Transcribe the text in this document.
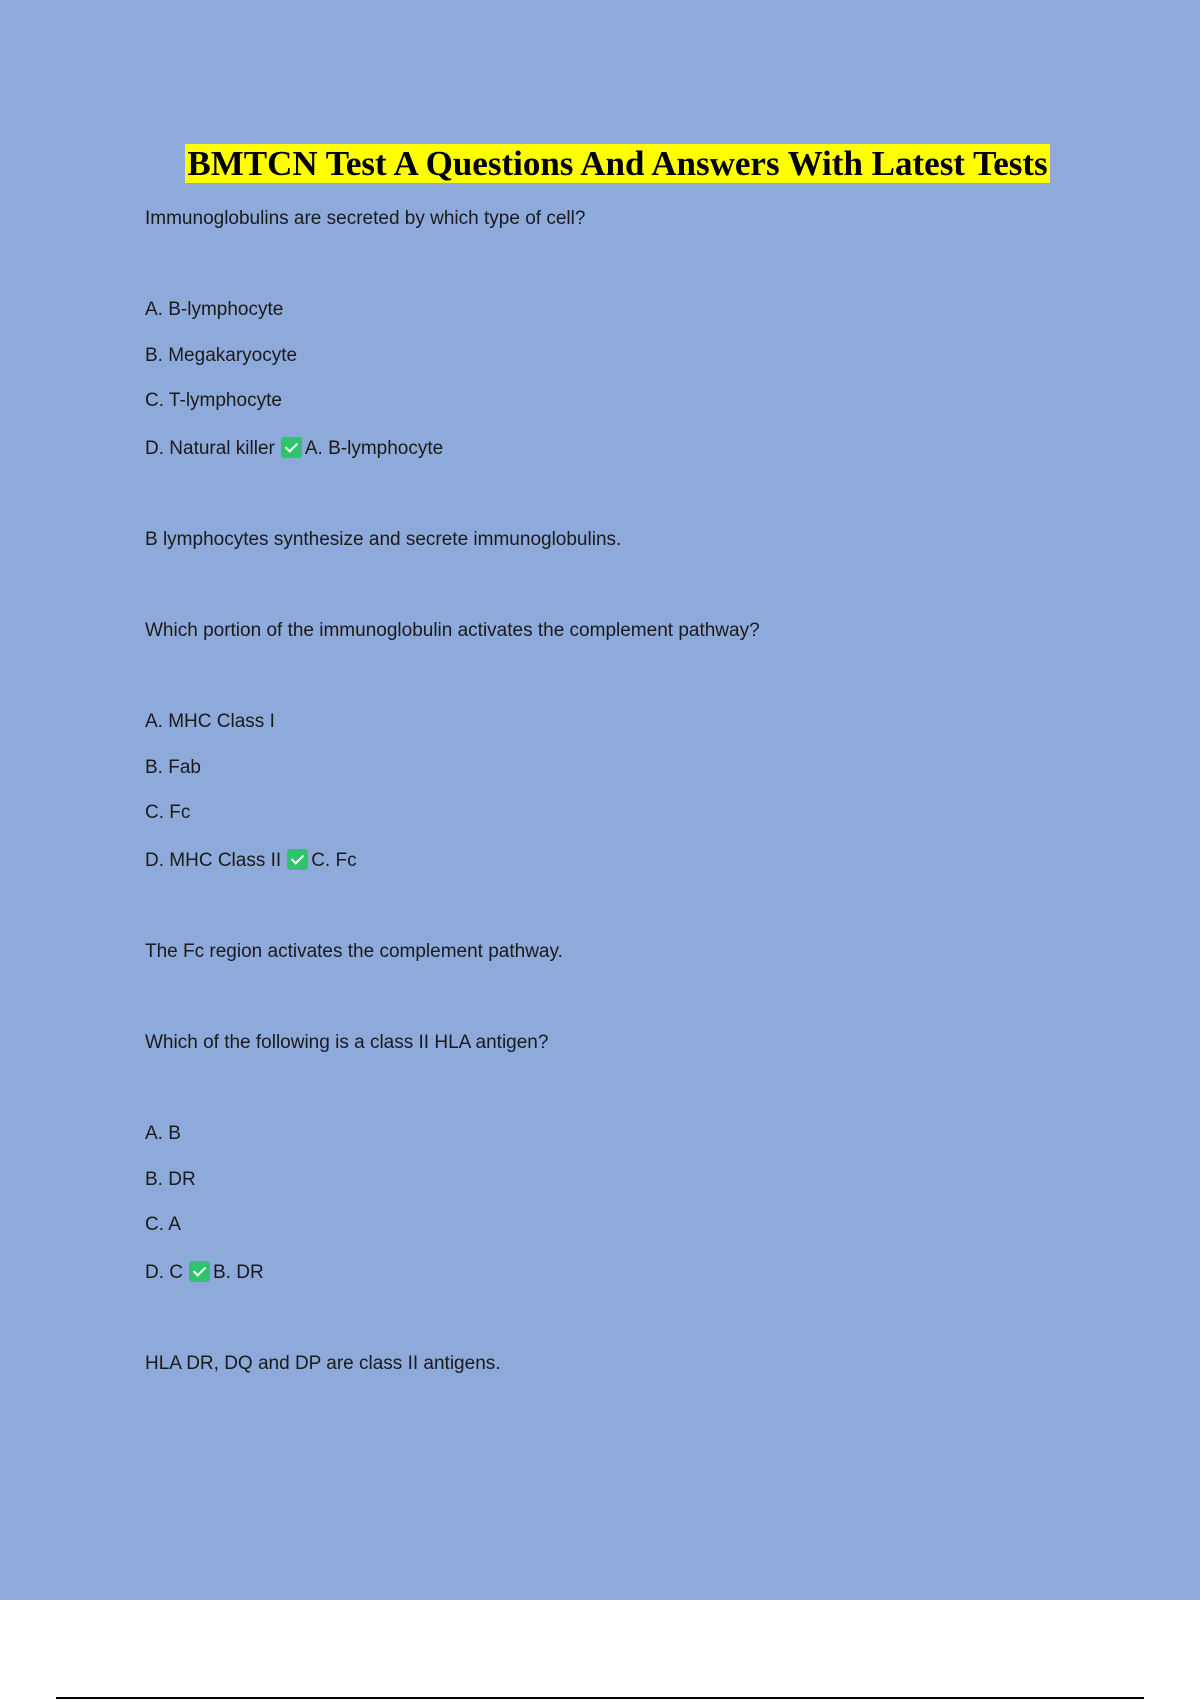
BMTCN Test A Questions And Answers With Latest Tests

Immunoglobulins are secreted by which type of cell?

A. B-lymphocyte

B. Megakaryocyte

C. T-lymphocyte

D. Natural killer A. B-lymphocyte

B lymphocytes synthesize and secrete immunoglobulins.

Which portion of the immunoglobulin activates the complement pathway?

A. MHC Class I

B. Fab

C. Fc

D. MHC Class II C. Fc

The Fc region activates the complement pathway.

Which of the following is a class II HLA antigen?

A. B

B. DR

C. A

D. C B. DR

HLA DR, DQ and DP are class II antigens.
